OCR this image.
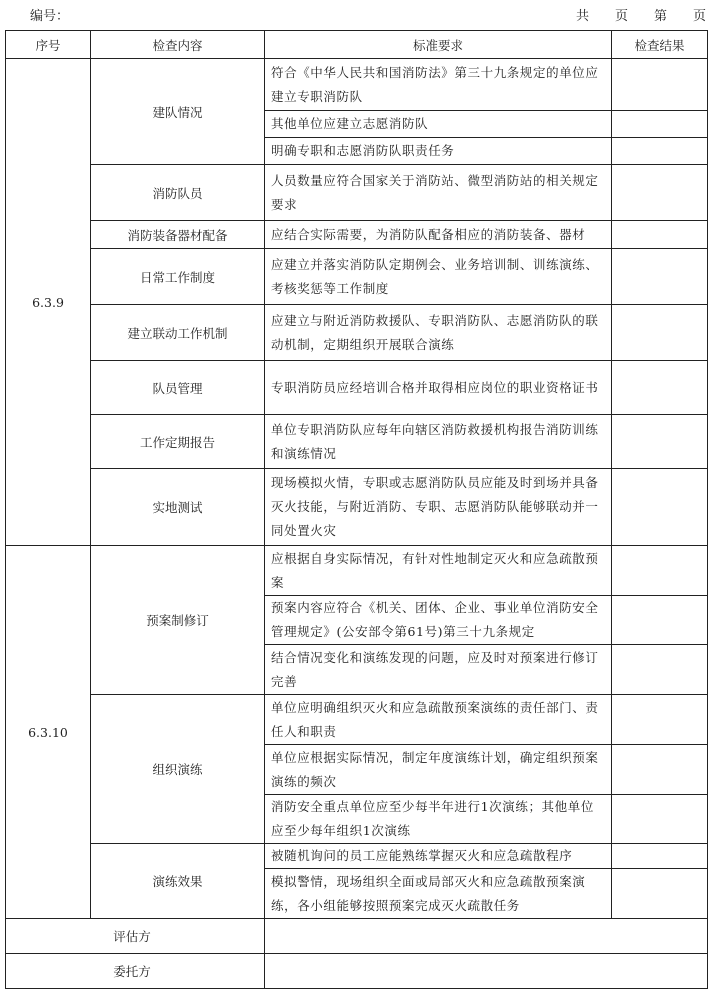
编号：	共 页 第 页
序号	检查内容	标准要求	检查结果
6.3.9	建队情况	符合《中华人民共和国消防法》第三十九条规定的单位应建立专职消防队	
		其他单位应建立志愿消防队	
		明确专职和志愿消防队职责任务	
	消防队员	人员数量应符合国家关于消防站、微型消防站的相关规定要求	
	消防装备器材配备	应结合实际需要，为消防队配备相应的消防装备、器材	
	日常工作制度	应建立并落实消防队定期例会、业务培训制、训练演练、考核奖惩等工作制度	
	建立联动工作机制	应建立与附近消防救援队、专职消防队、志愿消防队的联动机制，定期组织开展联合演练	
	队员管理	专职消防员应经培训合格并取得相应岗位的职业资格证书	
	工作定期报告	单位专职消防队应每年向辖区消防救援机构报告消防训练和演练情况	
	实地测试	现场模拟火情，专职或志愿消防队员应能及时到场并具备灭火技能，与附近消防、专职、志愿消防队能够联动并一同处置火灾	
6.3.10	预案制修订	应根据自身实际情况，有针对性地制定灭火和应急疏散预案	
		预案内容应符合《机关、团体、企业、事业单位消防安全管理规定》(公安部令第61号)第三十九条规定	
		结合情况变化和演练发现的问题，应及时对预案进行修订完善	
	组织演练	单位应明确组织灭火和应急疏散预案演练的责任部门、责任人和职责	
		单位应根据实际情况，制定年度演练计划，确定组织预案演练的频次	
		消防安全重点单位应至少每半年进行1次演练；其他单位应至少每年组织1次演练	
	演练效果	被随机询问的员工应能熟练掌握灭火和应急疏散程序	
		模拟警情，现场组织全面或局部灭火和应急疏散预案演练，各小组能够按照预案完成灭火疏散任务	
评估方			
委托方			
